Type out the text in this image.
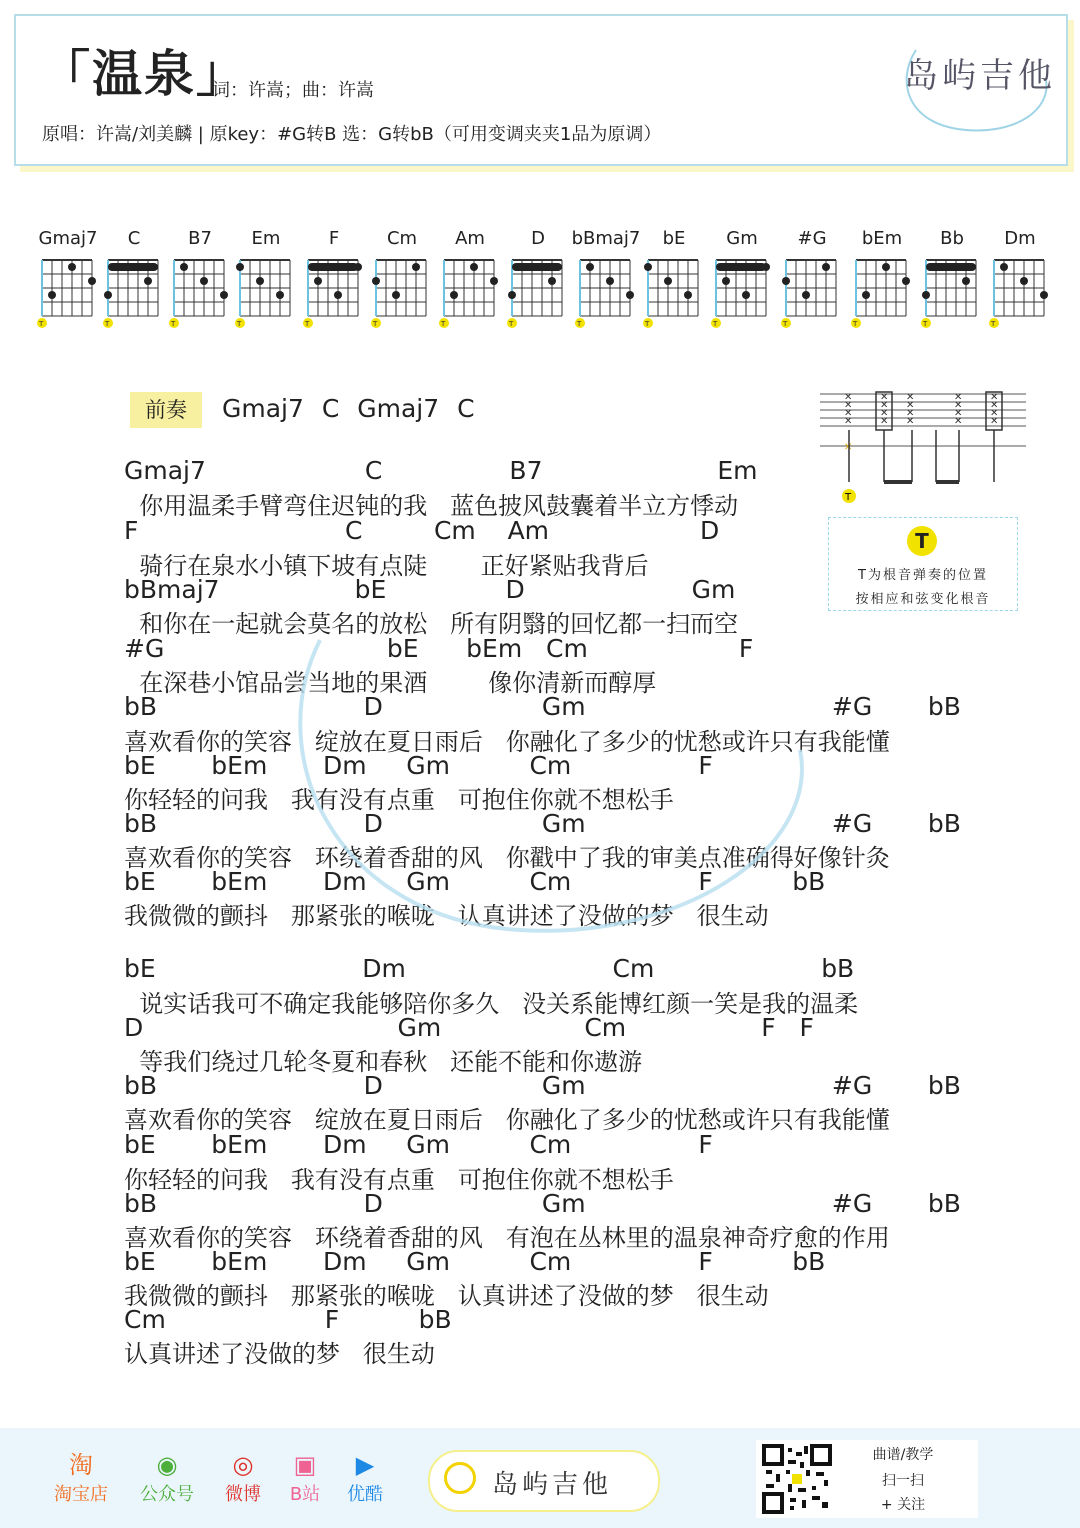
「温泉」
词：许嵩；曲：许嵩
原唱：许嵩/刘美麟 | 原key：#G转B 选：G转bB（可用变调夹夹1品为原调）
岛屿吉他
Gmaj7
T
C
T
B7
T
Em
T
F
T
Cm
T
Am
T
D
T
bBmaj7
T
bE
T
Gm
T
#G
T
bEm
T
Bb
T
Dm
T
前奏	Gmaj7 C Gmaj7 C	✕
✕
✕
✕
✕
✕
✕
✕
✕
✕
✕
✕
✕
✕
✕
✕
✕
✕
✕
✕
✕
T
T
T为根音弹奏的位置
按相应和弦变化根音
Gmaj7                    C                B7                      Em
你用温柔手臂弯住迟钝的我   蓝色披风鼓囊着半立方悸动
F                          C         Cm    Am                   D
骑行在泉水小镇下坡有点陡       正好紧贴我背后
bBmaj7                 bE               D                     Gm
和你在一起就会莫名的放松   所有阴翳的回忆都一扫而空
#G                            bE      bEm   Cm                   F
在深巷小馆品尝当地的果酒        像你清新而醇厚
bB                          D                    Gm                               #G       bB
喜欢看你的笑容   绽放在夏日雨后   你融化了多少的忧愁或许只有我能懂
bE       bEm       Dm     Gm          Cm                F
你轻轻的问我   我有没有点重   可抱住你就不想松手
bB                          D                    Gm                               #G       bB
喜欢看你的笑容   环绕着香甜的风   你戳中了我的审美点准确得好像针灸
bE       bEm       Dm     Gm          Cm                F          bB
我微微的颤抖   那紧张的喉咙   认真讲述了没做的梦   很生动
bE                          Dm                          Cm                     bB
说实话我可不确定我能够陪你多久   没关系能博红颜一笑是我的温柔
D                                Gm                  Cm                 F   F
等我们绕过几轮冬夏和春秋   还能不能和你遨游
bB                          D                    Gm                               #G       bB
喜欢看你的笑容   绽放在夏日雨后   你融化了多少的忧愁或许只有我能懂
bE       bEm       Dm     Gm          Cm                F
你轻轻的问我   我有没有点重   可抱住你就不想松手
bB                          D                    Gm                               #G       bB
喜欢看你的笑容   环绕着香甜的风   有泡在丛林里的温泉神奇疗愈的作用
bE       bEm       Dm     Gm          Cm                F          bB
我微微的颤抖   那紧张的喉咙   认真讲述了没做的梦   很生动
Cm                    F          bB
认真讲述了没做的梦   很生动
淘
淘宝店
◉
公众号
◎
微博
▣
B站
▶
优酷	岛屿吉他
曲谱/教学
扫一扫
+ 关注
